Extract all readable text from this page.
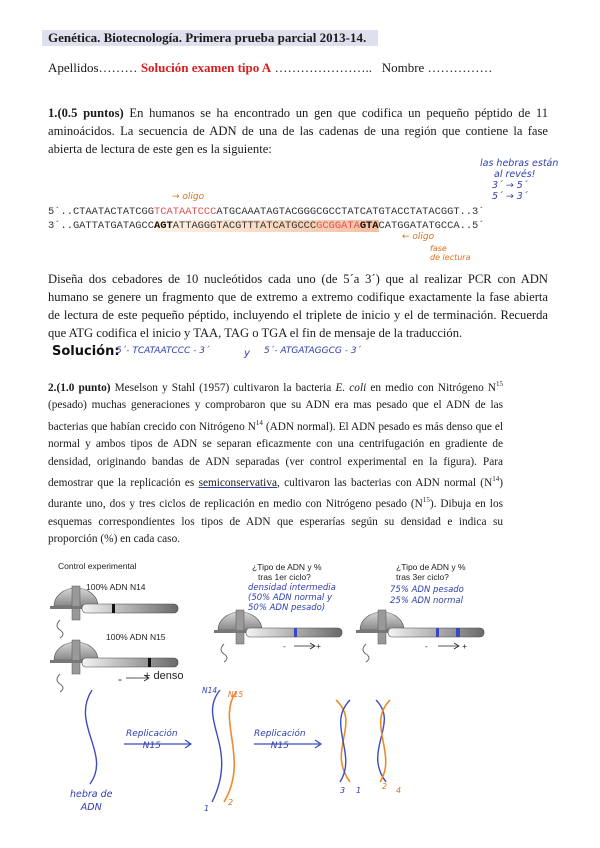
Genética. Biotecnología. Primera prueba parcial 2013-14.
Apellidos……… Solución examen tipo A ………………….. Nombre ……………
1.(0.5 puntos) En humanos se ha encontrado un gen que codifica un pequeño péptido de 11 aminoácidos. La secuencia de ADN de una de las cadenas de una región que contiene la fase abierta de lectura de este gen es la siguiente:
→ oligo
← oligo
fase
de lectura
las hebras están
al revés!
3´ → 5´
5´ → 3´
5´..CTAATACTATCGGTCATAATCCCATGCAAATAGTACGGGCGCCTATCATGTACCTATACGGT..3´
3´..GATTATGATAGCCAGTATTAGGGTACGTTTATCATGCCCGCGGATAGTACATGGATATGCCA..5´
Diseña dos cebadores de 10 nucleótidos cada uno (de 5´a 3´) que al realizar PCR con ADN humano se genere un fragmento que de extremo a extremo codifique exactamente la fase abierta de lectura de este pequeño péptido, incluyendo el triplete de inicio y el de terminación. Recuerda que ATG codifica el inicio y TAA, TAG o TGA el fin de mensaje de la traducción.
Solución:
5´- TCATAATCCC - 3´	y 5´- ATGATAGGCG - 3´
2.(1.0 punto) Meselson y Stahl (1957) cultivaron la bacteria E. coli en medio con Nitrógeno $N^{15}$ (pesado) muchas generaciones y comprobaron que su ADN era mas pesado que el ADN de las bacterias que habían crecido con Nitrógeno $N^{14}$ (ADN normal). El ADN pesado es más denso que el normal y ambos tipos de ADN se separan eficazmente con una centrifugación en gradiente de densidad, originando bandas de ADN separadas (ver control experimental en la figura). Para demostrar que la replicación es semiconservativa, cultivaron las bacterias con ADN normal $(N^{14})$ durante uno, dos y tres ciclos de replicación en medio con Nitrógeno pesado $(N^{15})$. Dibuja en los esquemas correspondientes los tipos de ADN que esperarías según su densidad e indica su proporción (%) en cada caso.
Control experimental
100% ADN N14
100% ADN N15
- + denso
¿Tipo de ADN y %
tras 1er ciclo?
densidad intermedia
(50% ADN normal y
50% ADN pesado)
-	+
¿Tipo de ADN y %
tras 3er ciclo?
75% ADN pesado
25% ADN normal
-	+
hebra de
ADN
Replicación
N15
Replicación
N15
N14 N15
1
2
3 1	2 4
